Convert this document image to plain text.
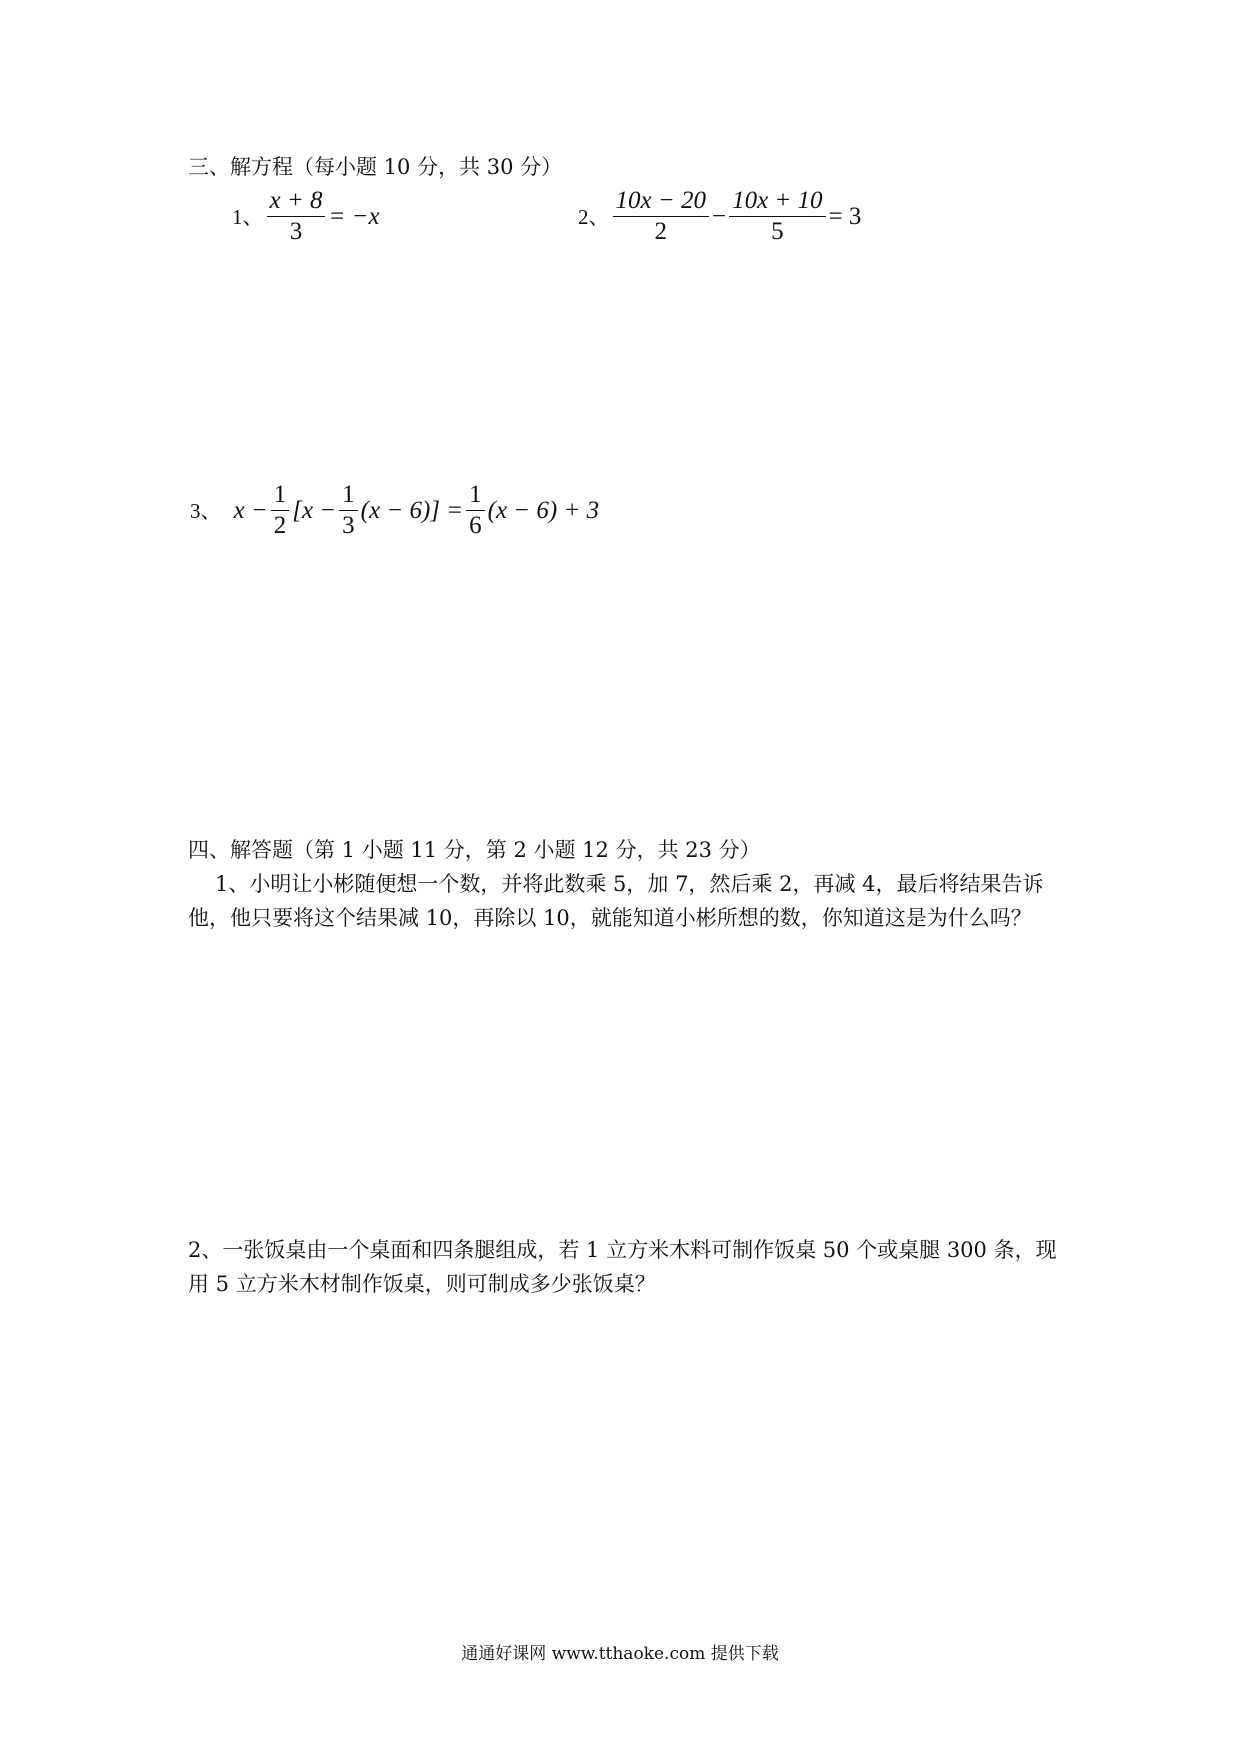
三、解方程（每小题 10 分，共 30 分）
1、 $\frac{x + 8}{3} = -x$	2、 $\frac{10x - 20}{2} - \frac{10x + 10}{5} = 3$
3、 $x - \frac{1}{2} [x - \frac{1}{3} (x - 6)] = \frac{1}{6} (x - 6) + 3$
四、解答题（第 1 小题 11 分，第 2 小题 12 分，共 23 分）
1、小明让小彬随便想一个数，并将此数乘 5，加 7，然后乘 2，再减 4，最后将结果告诉
他，他只要将这个结果减 10，再除以 10，就能知道小彬所想的数，你知道这是为什么吗？
2、一张饭桌由一个桌面和四条腿组成，若 1 立方米木料可制作饭桌 50 个或桌腿 300 条，现
用 5 立方米木材制作饭桌，则可制成多少张饭桌？
通通好课网 www.tthaoke.com 提供下载
